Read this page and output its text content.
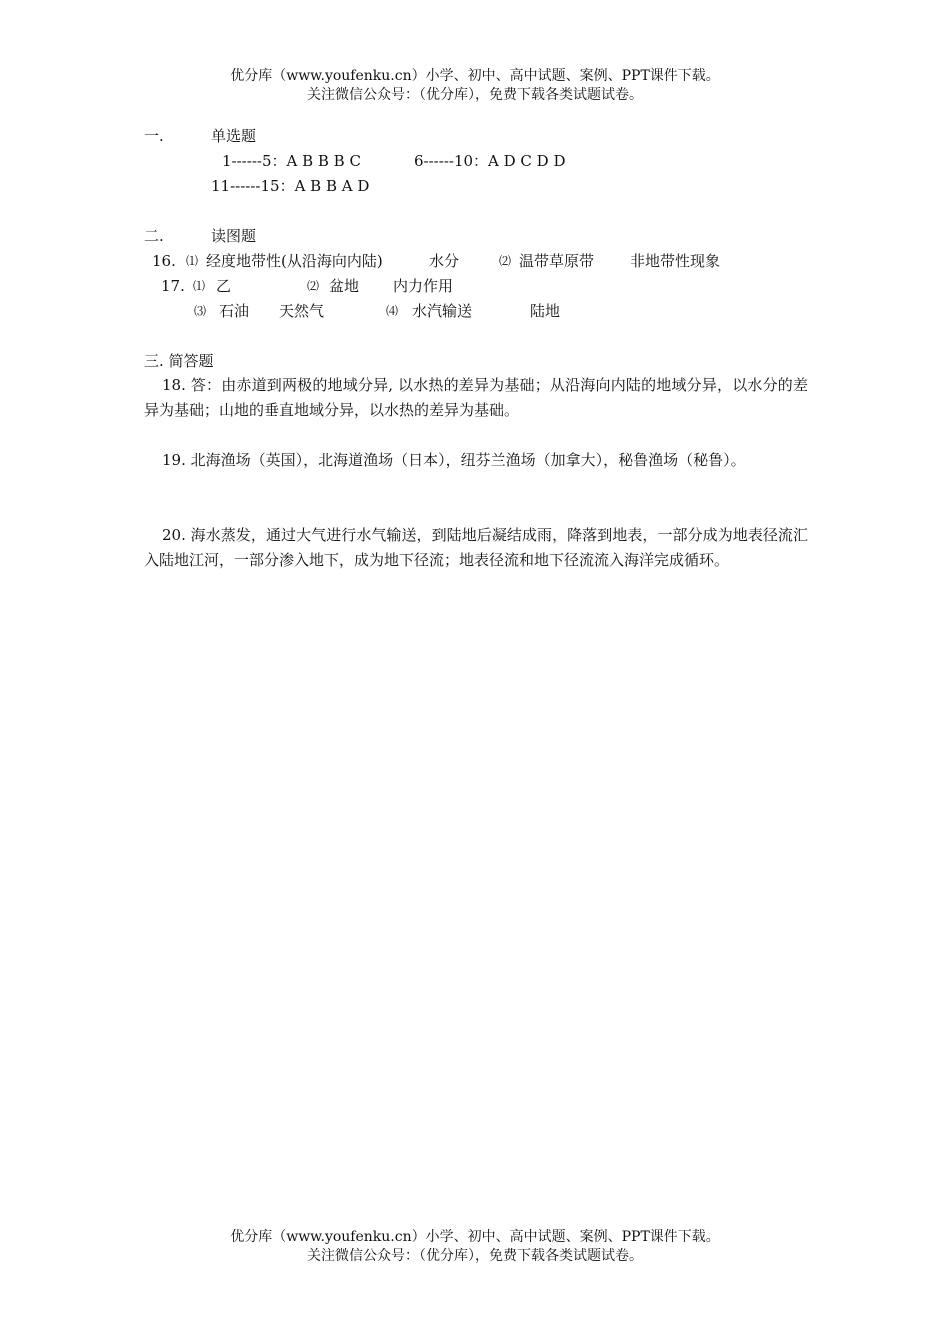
优分库（www.youfenku.cn）小学、初中、高中试题、案例、PPT课件下载。
关注微信公众号：（优分库），免费下载各类试题试卷。
一.	单选题
1------5：A B B B C	6------10：A D C D D
11------15：A B B A D
二.	读图题
16. ⑴ 经度地带性(从沿海向内陆)	水分	⑵ 温带草原带 非地带性现象
17. ⑴ 乙	⑵ 盆地 内力作用
⑶ 石油 天然气	⑷ 水汽输送	陆地
三. 简答题
18. 答：由赤道到两极的地域分异, 以水热的差异为基础；从沿海向内陆的地域分异，以水分的差异为基础；山地的垂直地域分异，以水热的差异为基础。
19. 北海渔场（英国），北海道渔场（日本），纽芬兰渔场（加拿大），秘鲁渔场（秘鲁）。
20. 海水蒸发，通过大气进行水气输送，到陆地后凝结成雨，降落到地表，一部分成为地表径流汇入陆地江河，一部分渗入地下，成为地下径流；地表径流和地下径流流入海洋完成循环。
优分库（www.youfenku.cn）小学、初中、高中试题、案例、PPT课件下载。
关注微信公众号：（优分库），免费下载各类试题试卷。
